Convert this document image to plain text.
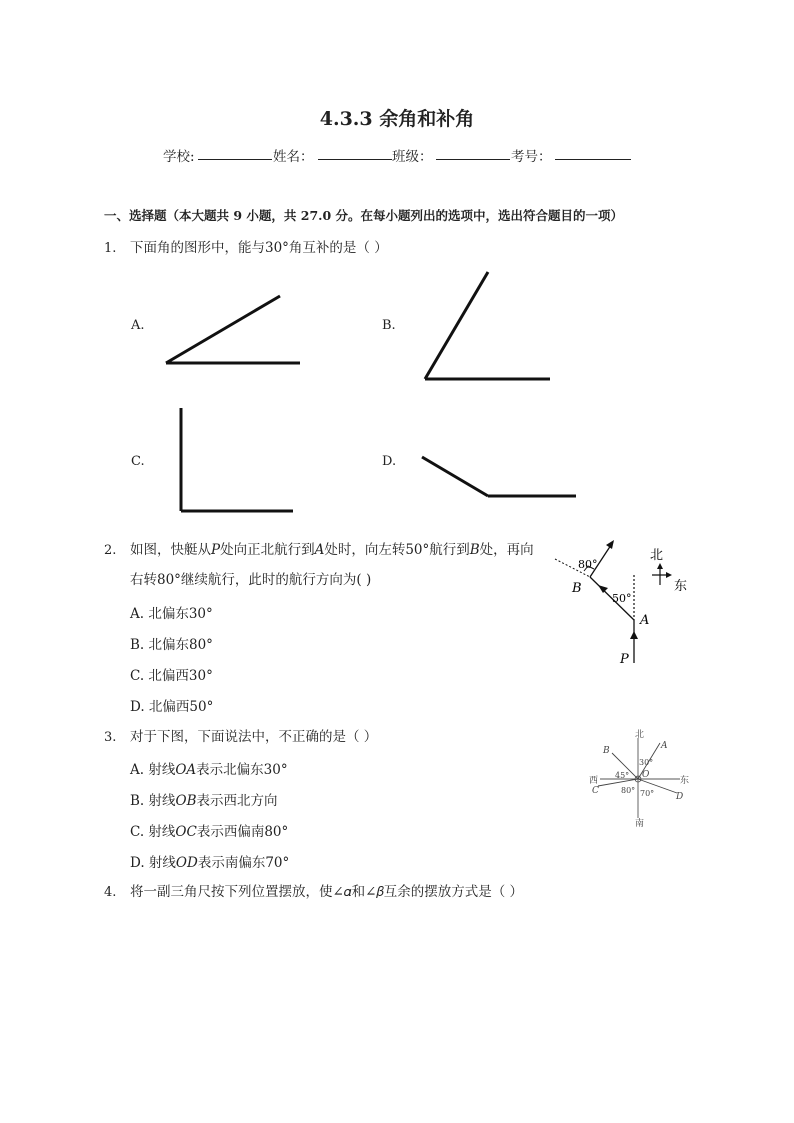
4.3.3 余角和补角
学校:	姓名：	班级：	考号：
一、选择题（本大题共 9 小题，共 27.0 分。在每小题列出的选项中，选出符合题目的一项）
1. 下面角的图形中，能与30°角互补的是（ ）
A.	B.
C.	D.
2. 如图，快艇从𝑃处向正北航行到𝐴处时，向左转50°航行到𝐵处，再向
右转80°继续航行，此时的航行方向为( )
A. 北偏东30°
B. 北偏东80°
C. 北偏西30°
D. 北偏西50°
80°
50°
B
A
P
北
东
3. 对于下图，下面说法中，不正确的是（ ）
A. 射线𝑂𝐴表示北偏东30°
B. 射线𝑂𝐵表示西北方向
C. 射线𝑂𝐶表示西偏南80°
D. 射线𝑂𝐷表示南偏东70°
北
南
西	东
A
B
C
D
O
30°
45°
80° 70°
4. 将一副三角尺按下列位置摆放，使∠𝛼和∠𝛽互余的摆放方式是（ ）
